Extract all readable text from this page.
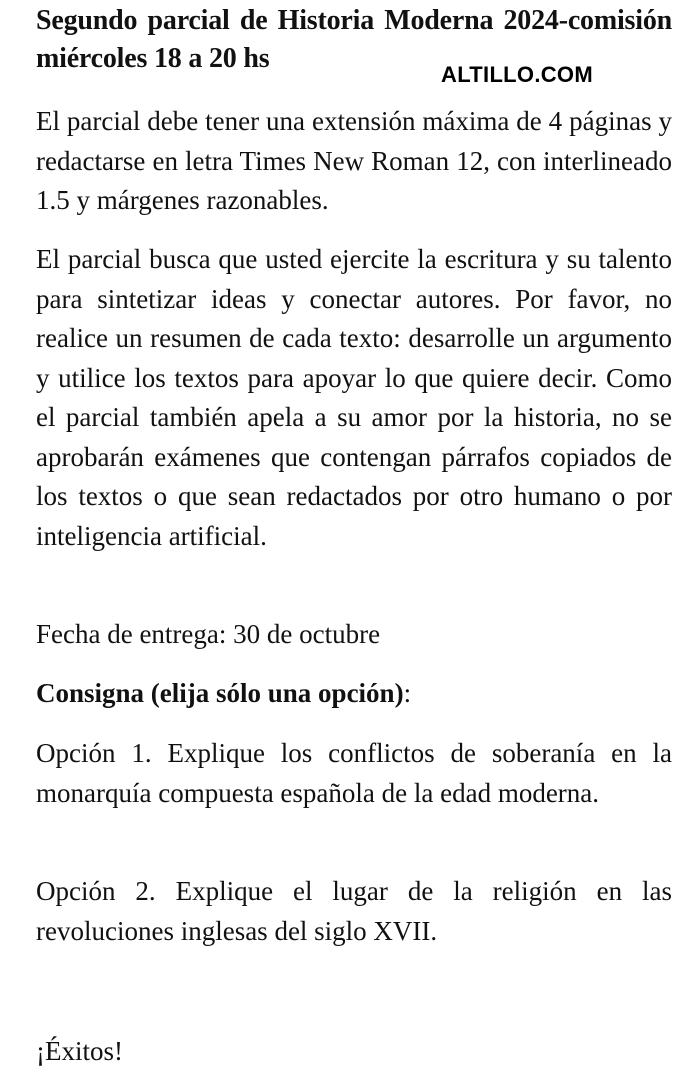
Segundo parcial de Historia Moderna 2024-comisión miércoles 18 a 20 hs

El parcial debe tener una extensión máxima de 4 páginas y redactarse en letra Times New Roman 12, con interlineado 1.5 y márgenes razonables.

El parcial busca que usted ejercite la escritura y su talento para sintetizar ideas y conectar autores. Por favor, no realice un resumen de cada texto: desarrolle un argumento y utilice los textos para apoyar lo que quiere decir. Como el parcial también apela a su amor por la historia, no se aprobarán exámenes que contengan párrafos copiados de los textos o que sean redactados por otro humano o por inteligencia artificial.

Fecha de entrega: 30 de octubre

Consigna (elija sólo una opción):

Opción 1. Explique los conflictos de soberanía en la monarquía compuesta española de la edad moderna.

Opción 2. Explique el lugar de la religión en las revoluciones inglesas del siglo XVII.

¡Éxitos!

ALTILLO.COM
